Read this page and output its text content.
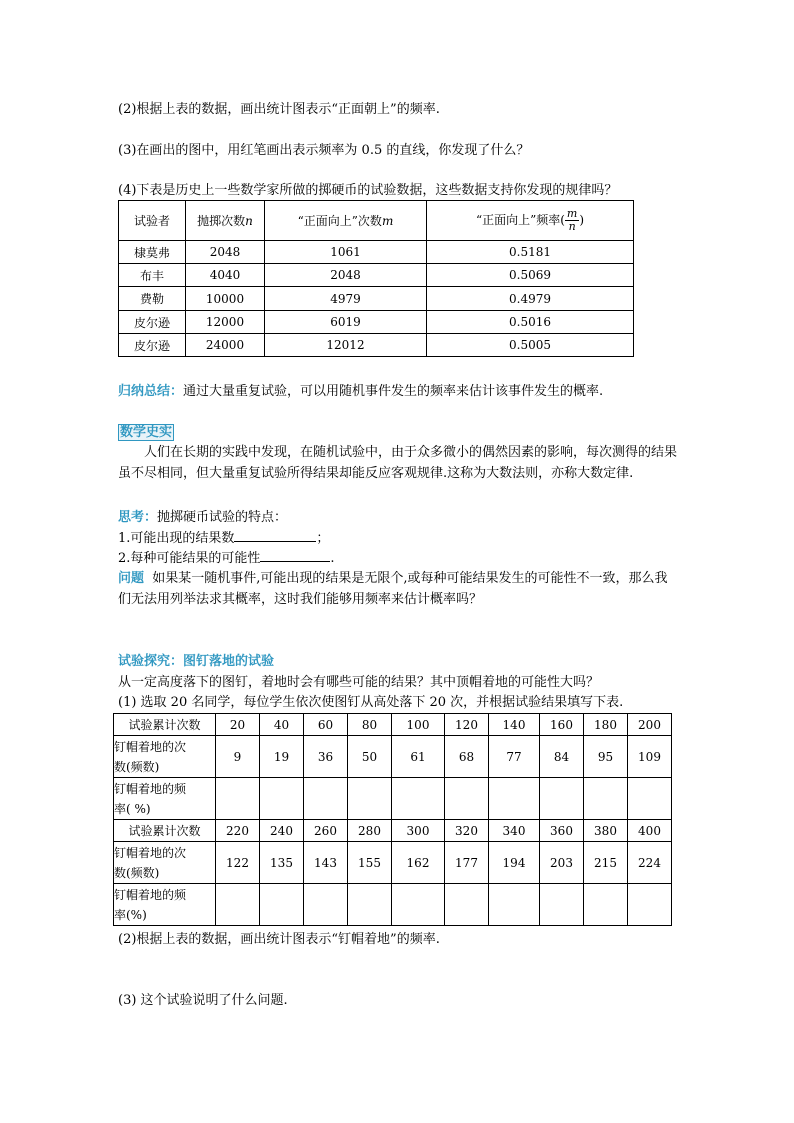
(2)根据上表的数据，画出统计图表示“正面朝上”的频率.
(3)在画出的图中，用红笔画出表示频率为 0.5 的直线，你发现了什么？
(4)下表是历史上一些数学家所做的掷硬币的试验数据，这些数据支持你发现的规律吗？
试验者	抛掷次数n	“正面向上”次数m	“正面向上”频率( $\frac{m}{n}$ )
棣莫弗	2048	1061	0.5181
布丰	4040	2048	0.5069
费勒	10000	4979	0.4979
皮尔逊	12000	6019	0.5016
皮尔逊	24000	12012	0.5005
归纳总结：通过大量重复试验，可以用随机事件发生的频率来估计该事件发生的概率.
数学史实
人们在长期的实践中发现，在随机试验中，由于众多微小的偶然因素的影响，每次测得的结果虽不尽相同，但大量重复试验所得结果却能反应客观规律.这称为大数法则，亦称大数定律.
思考：抛掷硬币试验的特点：
1.可能出现的结果数	；
2.每种可能结果的可能性	.
问题 如果某一随机事件,可能出现的结果是无限个,或每种可能结果发生的可能性不一致，那么我们无法用列举法求其概率，这时我们能够用频率来估计概率吗？
试验探究：图钉落地的试验
从一定高度落下的图钉，着地时会有哪些可能的结果？其中顶帽着地的可能性大吗？
(1) 选取 20 名同学，每位学生依次使图钉从高处落下 20 次，并根据试验结果填写下表.
试验累计次数	20	40	60	80	100	120	140	160	180	200
钉帽着地的次
数(频数)	9	19	36	50	61	68	77	84	95	109
钉帽着地的频
率( %)										
试验累计次数	220	240	260	280	300	320	340	360	380	400
钉帽着地的次
数(频数)	122	135	143	155	162	177	194	203	215	224
钉帽着地的频
率(%)										
(2)根据上表的数据，画出统计图表示“钉帽着地”的频率.
(3) 这个试验说明了什么问题.
